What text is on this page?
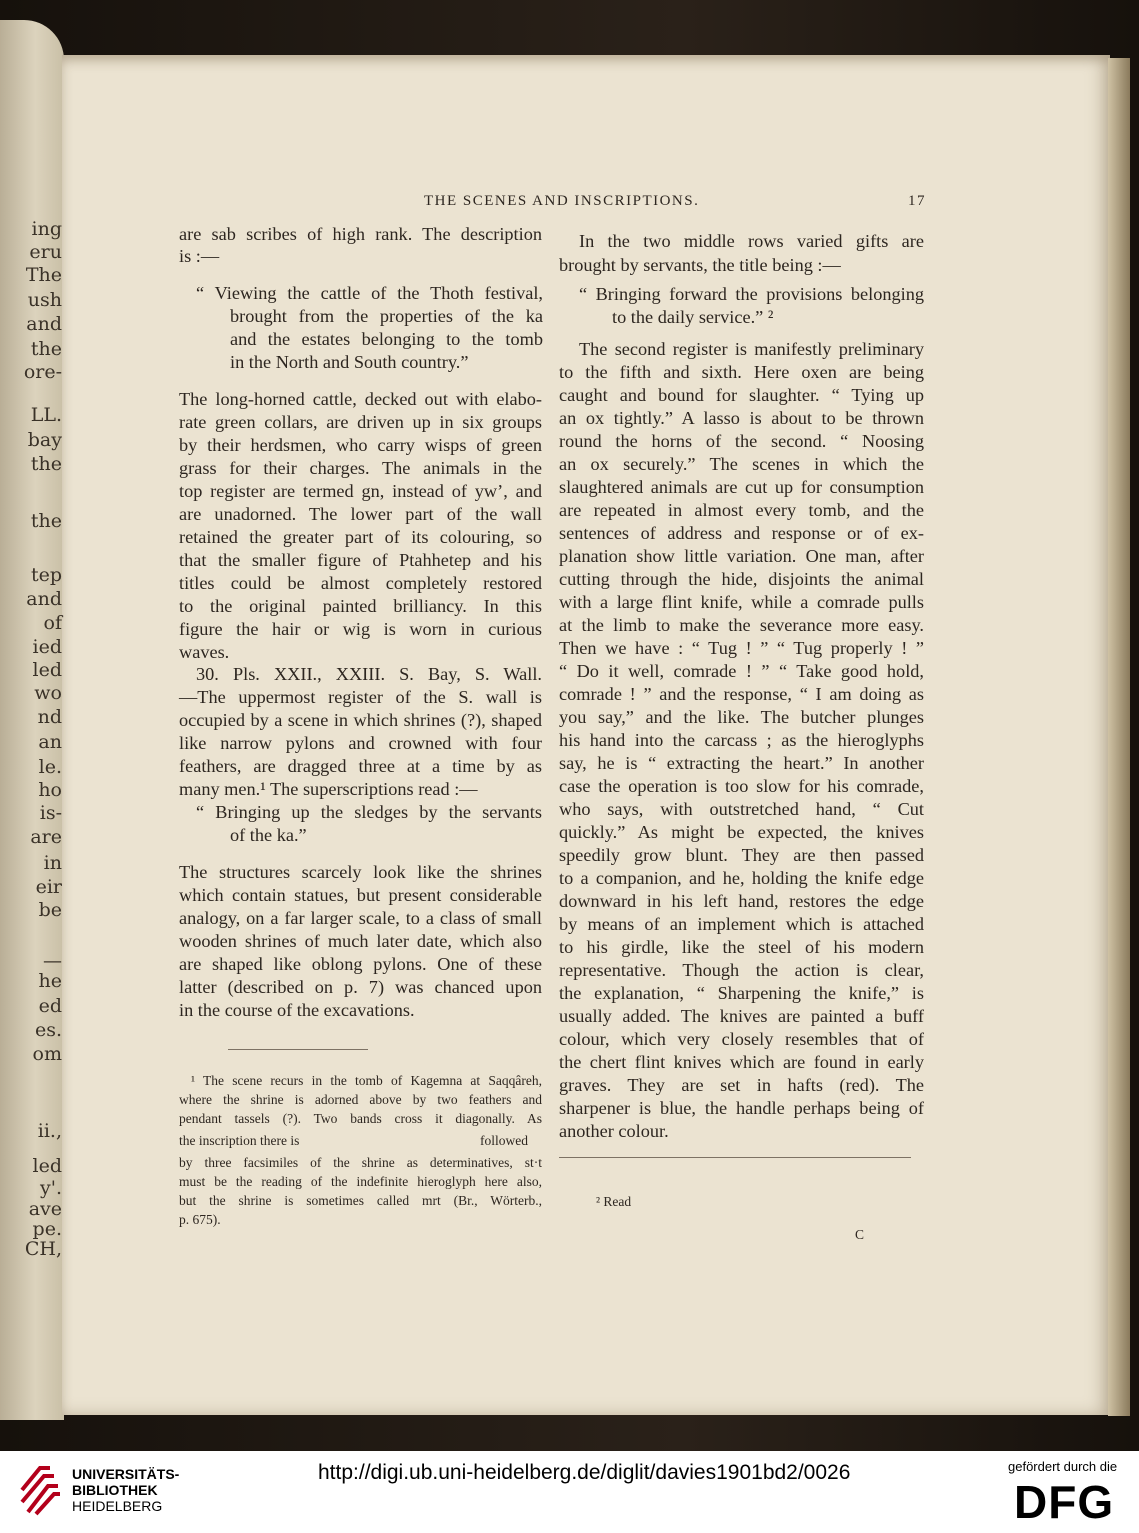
THE SCENES AND INSCRIPTIONS.	17
ing
eru
The
ush
and
the
ore-
LL.
bay
the
the
tep
and
of
ied
led
wo
nd
an
le.
ho
is-
are
in
eir
be
—
he
ed
es.
om
ii.,
led
y'.
ave
pe.
CH,
are sab scribes of high rank. The description
is :—
“ Viewing the cattle of the Thoth festival,
brought from the properties of the ka
and the estates belonging to the tomb
in the North and South country.”
The long-horned cattle, decked out with elabo-
rate green collars, are driven up in six groups
by their herdsmen, who carry wisps of green
grass for their charges. The animals in the
top register are termed gn, instead of yw’, and
are unadorned. The lower part of the wall
retained the greater part of its colouring, so
that the smaller figure of Ptahhetep and his
titles could be almost completely restored
to the original painted brilliancy. In this
figure the hair or wig is worn in curious
waves.
30. Pls. XXII., XXIII. S. Bay, S. Wall.
—The uppermost register of the S. wall is
occupied by a scene in which shrines (?), shaped
like narrow pylons and crowned with four
feathers, are dragged three at a time by as
many men.¹ The superscriptions read :—
“ Bringing up the sledges by the servants
of the ka.”
The structures scarcely look like the shrines
which contain statues, but present considerable
analogy, on a far larger scale, to a class of small
wooden shrines of much later date, which also
are shaped like oblong pylons. One of these
latter (described on p. 7) was chanced upon
in the course of the excavations.
¹ The scene recurs in the tomb of Kagemna at Saqqâreh,
where the shrine is adorned above by two feathers and
pendant tassels (?). Two bands cross it diagonally. As
the inscription there is	followed
by three facsimiles of the shrine as determinatives, st·t
must be the reading of the indefinite hieroglyph here also,
but the shrine is sometimes called mrt (Br., Wörterb.,
p. 675).
In the two middle rows varied gifts are
brought by servants, the title being :—
“ Bringing forward the provisions belonging
to the daily service.” ²
The second register is manifestly preliminary
to the fifth and sixth. Here oxen are being
caught and bound for slaughter. “ Tying up
an ox tightly.” A lasso is about to be thrown
round the horns of the second. “ Noosing
an ox securely.” The scenes in which the
slaughtered animals are cut up for consumption
are repeated in almost every tomb, and the
sentences of address and response or of ex-
planation show little variation. One man, after
cutting through the hide, disjoints the animal
with a large flint knife, while a comrade pulls
at the limb to make the severance more easy.
Then we have : “ Tug ! ” “ Tug properly ! ”
“ Do it well, comrade ! ” “ Take good hold,
comrade ! ” and the response, “ I am doing as
you say,” and the like. The butcher plunges
his hand into the carcass ; as the hieroglyphs
say, he is “ extracting the heart.” In another
case the operation is too slow for his comrade,
who says, with outstretched hand, “ Cut
quickly.” As might be expected, the knives
speedily grow blunt. They are then passed
to a companion, and he, holding the knife edge
downward in his left hand, restores the edge
by means of an implement which is attached
to his girdle, like the steel of his modern
representative. Though the action is clear,
the explanation, “ Sharpening the knife,” is
usually added. The knives are painted a buff
colour, which very closely resembles that of
the chert flint knives which are found in early
graves. They are set in hafts (red). The
sharpener is blue, the handle perhaps being of
another colour.
² Read
C
UNIVERSITÄTS-
BIBLIOTHEK
HEIDELBERG
http://digi.ub.uni-heidelberg.de/diglit/davies1901bd2/0026	gefördert durch die
DFG
